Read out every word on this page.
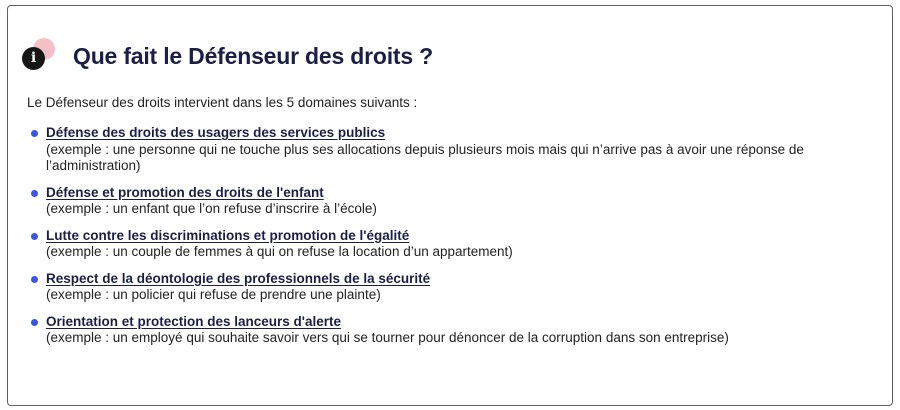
i	Que fait le Défenseur des droits ?

Le Défenseur des droits intervient dans les 5 domaines suivants :

Défense des droits des usagers des services publics
(exemple : une personne qui ne touche plus ses allocations depuis plusieurs mois mais qui n’arrive pas à avoir une réponse de l’administration)
Défense et promotion des droits de l'enfant
(exemple : un enfant que l’on refuse d’inscrire à l’école)
Lutte contre les discriminations et promotion de l'égalité
(exemple : un couple de femmes à qui on refuse la location d’un appartement)
Respect de la déontologie des professionnels de la sécurité
(exemple : un policier qui refuse de prendre une plainte)
Orientation et protection des lanceurs d'alerte
(exemple : un employé qui souhaite savoir vers qui se tourner pour dénoncer de la corruption dans son entreprise)
